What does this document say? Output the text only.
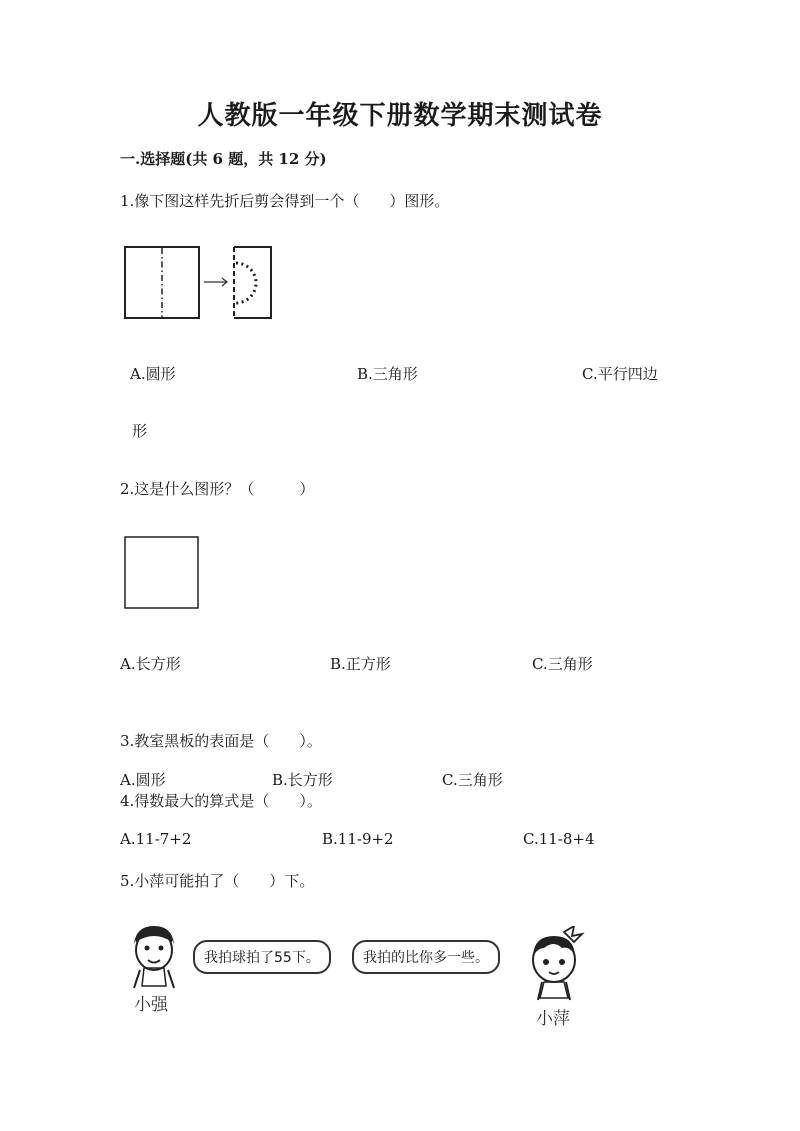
人教版一年级下册数学期末测试卷
一.选择题(共 6 题，共 12 分)
1.像下图这样先折后剪会得到一个（　　）图形。
A.圆形	B.三角形	C.平行四边
形
2.这是什么图形？（　　　）
A.长方形	B.正方形	C.三角形
3.教室黑板的表面是（　　）。
A.圆形	B.长方形	C.三角形
4.得数最大的算式是（　　）。
A.11-7+2	B.11-9+2	C.11-8+4
5.小萍可能拍了（　　）下。
小强
我拍球拍了55下。	我拍的比你多一些。
小萍
